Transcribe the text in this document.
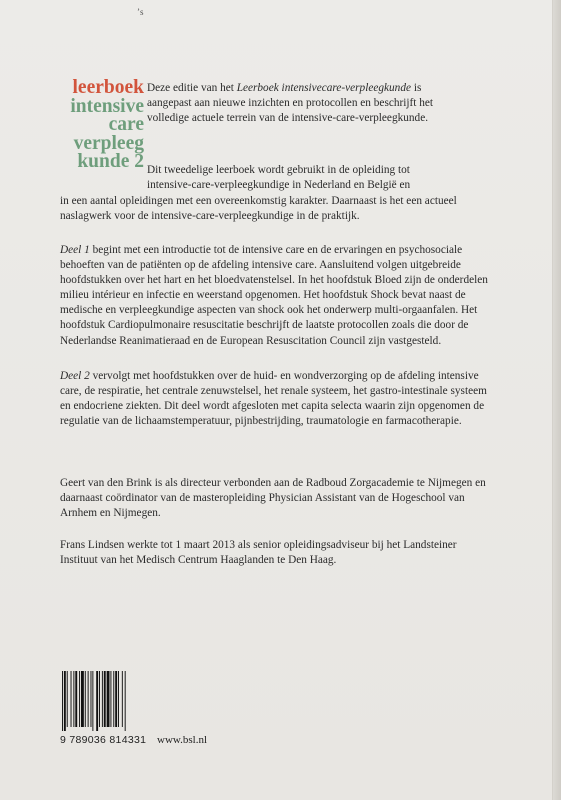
ʼs
leerboek
intensive
care
verpleeg
kunde 2

Deze editie van het Leerboek intensivecare-verpleegkunde is aangepast aan nieuwe inzichten en protocollen en beschrijft het volledige actuele terrein van de intensive-care-verpleegkunde.

Dit tweedelige leerboek wordt gebruikt in de opleiding tot intensive-care-verpleegkundige in Nederland en België en

in een aantal opleidingen met een overeenkomstig karakter. Daarnaast is het een actueel naslagwerk voor de intensive-care-verpleegkundige in de praktijk.

Deel 1 begint met een introductie tot de intensive care en de ervaringen en psychosociale behoeften van de patiënten op de afdeling intensive care. Aansluitend volgen uitgebreide hoofdstukken over het hart en het bloedvatenstelsel. In het hoofdstuk Bloed zijn de onderdelen milieu intérieur en infectie en weerstand opgenomen. Het hoofdstuk Shock bevat naast de medische en verpleegkundige aspecten van shock ook het onderwerp multi-orgaanfalen. Het hoofdstuk Cardiopulmonaire resuscitatie beschrijft de laatste protocollen zoals die door de Nederlandse Reanimatieraad en de European Resuscitation Council zijn vastgesteld.

Deel 2 vervolgt met hoofdstukken over de huid- en wondverzorging op de afdeling intensive care, de respiratie, het centrale zenuwstelsel, het renale systeem, het gastro-intestinale systeem en endocriene ziekten. Dit deel wordt afgesloten met capita selecta waarin zijn opgenomen de regulatie van de lichaamstemperatuur, pijnbestrijding, traumatologie en farmacotherapie.

Geert van den Brink is als directeur verbonden aan de Radboud Zorgacademie te Nijmegen en daarnaast coördinator van de masteropleiding Physician Assistant van de Hogeschool van Arnhem en Nijmegen.

Frans Lindsen werkte tot 1 maart 2013 als senior opleidingsadviseur bij het Landsteiner Instituut van het Medisch Centrum Haaglanden te Den Haag.

9 789036 814331 www.bsl.nl
